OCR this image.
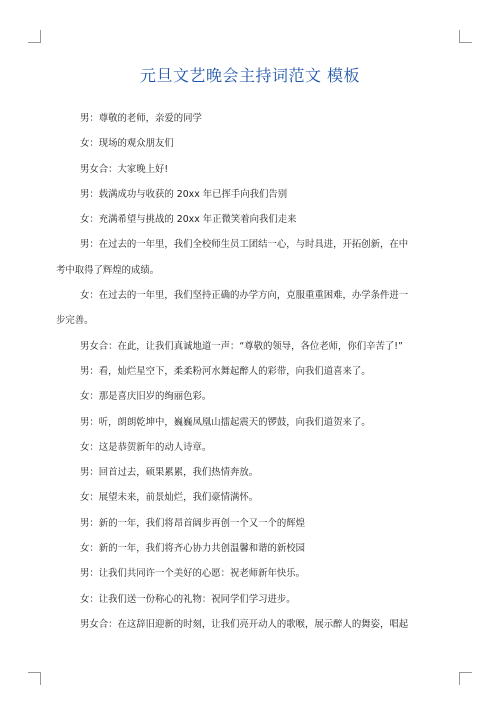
元旦文艺晚会主持词范文 模板
男：尊敬的老师，亲爱的同学
女：现场的观众朋友们
男女合：大家晚上好!
男：载满成功与收获的 20xx 年已挥手向我们告别
女：充满希望与挑战的 20xx 年正微笑着向我们走来
男：在过去的一年里，我们全校师生员工团结一心，与时具进，开拓创新，在中
考中取得了辉煌的成绩。
女：在过去的一年里，我们坚持正确的办学方向，克服重重困难，办学条件进一
步完善。
男女合：在此，让我们真诚地道一声：“尊敬的领导，各位老师，你们辛苦了!”
男：看，灿烂星空下，柔柔粉河水舞起醉人的彩带，向我们道喜来了。
女：那是喜庆旧岁的绚丽色彩。
男：听，朗朗乾坤中，巍巍凤凰山擂起震天的锣鼓，向我们道贺来了。
女：这是恭贺新年的动人诗章。
男：回首过去，硕果累累，我们热情奔放。
女：展望未来，前景灿烂，我们豪情满怀。
男：新的一年，我们将昂首阔步再创一个又一个的辉煌
女：新的一年，我们将齐心协力共创温馨和谐的新校园
男：让我们共同许一个美好的心愿：祝老师新年快乐。
女：让我们送一份称心的礼物：祝同学们学习进步。
男女合：在这辞旧迎新的时刻，让我们亮开动人的歌喉，展示醉人的舞姿，唱起
